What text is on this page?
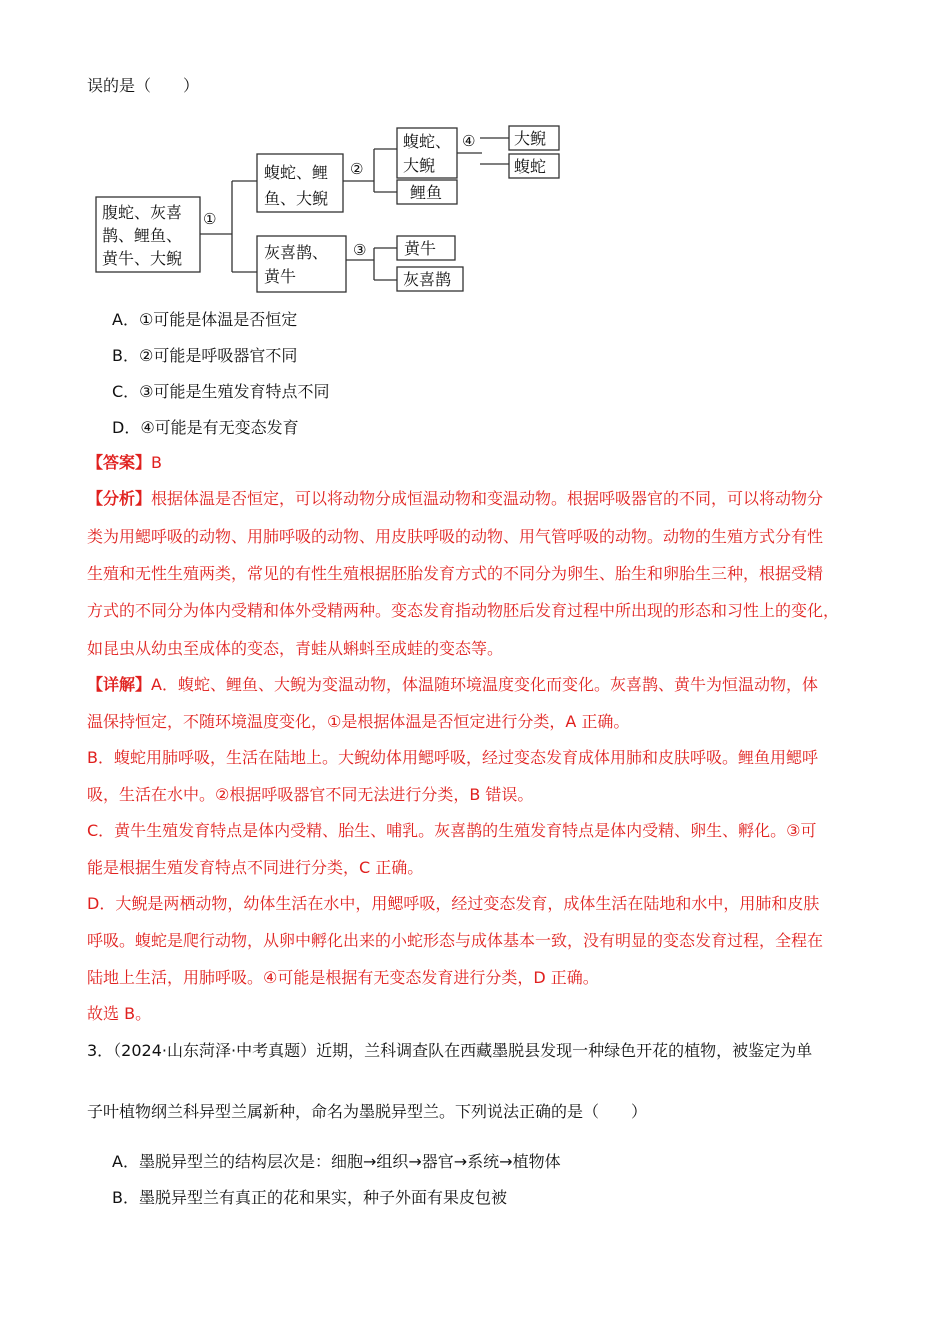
误的是（　　）
腹蛇、灰喜
鹊、鲤鱼、
黄牛、大鲵
①
蝮蛇、鲤
鱼、大鲵
灰喜鹊、
黄牛
②
③
蝮蛇、
大鲵
鲤鱼
④
黄牛
灰喜鹊
大鲵
蝮蛇
A．①可能是体温是否恒定
B．②可能是呼吸器官不同
C．③可能是生殖发育特点不同
D．④可能是有无变态发育
【答案】B
【分析】根据体温是否恒定，可以将动物分成恒温动物和变温动物。根据呼吸器官的不同，可以将动物分
类为用鳃呼吸的动物、用肺呼吸的动物、用皮肤呼吸的动物、用气管呼吸的动物。动物的生殖方式分有性
生殖和无性生殖两类，常见的有性生殖根据胚胎发育方式的不同分为卵生、胎生和卵胎生三种，根据受精
方式的不同分为体内受精和体外受精两种。变态发育指动物胚后发育过程中所出现的形态和习性上的变化，
如昆虫从幼虫至成体的变态，青蛙从蝌蚪至成蛙的变态等。
【详解】A．蝮蛇、鲤鱼、大鲵为变温动物，体温随环境温度变化而变化。灰喜鹊、黄牛为恒温动物，体
温保持恒定，不随环境温度变化，①是根据体温是否恒定进行分类，A 正确。
B．蝮蛇用肺呼吸，生活在陆地上。大鲵幼体用鳃呼吸，经过变态发育成体用肺和皮肤呼吸。鲤鱼用鳃呼
吸，生活在水中。②根据呼吸器官不同无法进行分类，B 错误。
C．黄牛生殖发育特点是体内受精、胎生、哺乳。灰喜鹊的生殖发育特点是体内受精、卵生、孵化。③可
能是根据生殖发育特点不同进行分类，C 正确。
D．大鲵是两栖动物，幼体生活在水中，用鳃呼吸，经过变态发育，成体生活在陆地和水中，用肺和皮肤
呼吸。蝮蛇是爬行动物，从卵中孵化出来的小蛇形态与成体基本一致，没有明显的变态发育过程，全程在
陆地上生活，用肺呼吸。④可能是根据有无变态发育进行分类，D 正确。
故选 B。
3．（2024·山东菏泽·中考真题）近期，兰科调查队在西藏墨脱县发现一种绿色开花的植物，被鉴定为单
子叶植物纲兰科异型兰属新种，命名为墨脱异型兰。下列说法正确的是（　　）
A．墨脱异型兰的结构层次是：细胞→组织→器官→系统→植物体
B．墨脱异型兰有真正的花和果实，种子外面有果皮包被
